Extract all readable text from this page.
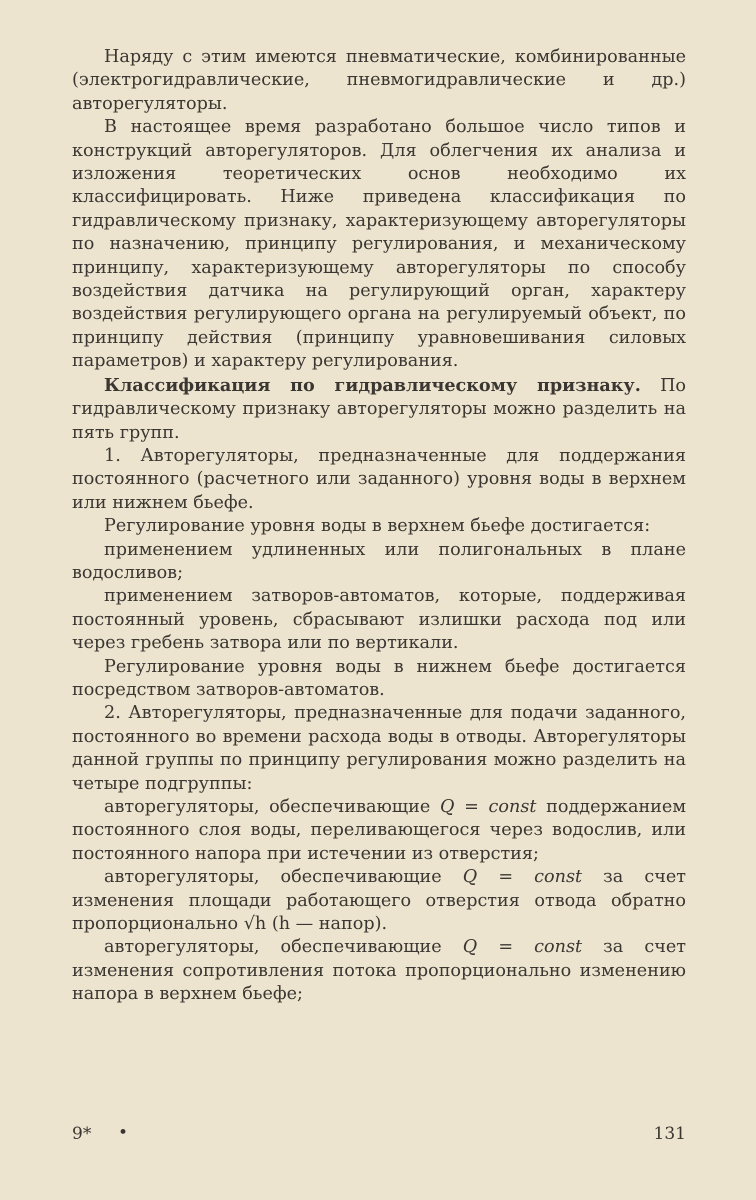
Наряду с этим имеются пневматические, комбинированные (электрогидравлические, пневмогидравлические и др.) авторегуляторы.

В настоящее время разработано большое число типов и конструкций авторегуляторов. Для облегчения их анализа и изложения теоретических основ необходимо их классифицировать. Ниже приведена классификация по гидравлическому признаку, характеризующему авторегуляторы по назначению, принципу регулирования, и механическому принципу, характеризующему авторегуляторы по способу воздействия датчика на регулирующий орган, характеру воздействия регулирующего органа на регулируемый объект, по принципу действия (принципу уравновешивания силовых параметров) и характеру регулирования.

Классификация по гидравлическому признаку. По гидравлическому признаку авторегуляторы можно разделить на пять групп.

1. Авторегуляторы, предназначенные для поддержания постоянного (расчетного или заданного) уровня воды в верхнем или нижнем бьефе.

Регулирование уровня воды в верхнем бьефе достигается:

применением удлиненных или полигональных в плане водосливов;

применением затворов-автоматов, которые, поддерживая постоянный уровень, сбрасывают излишки расхода под или через гребень затвора или по вертикали.

Регулирование уровня воды в нижнем бьефе достигается посредством затворов-автоматов.

2. Авторегуляторы, предназначенные для подачи заданного, постоянного во времени расхода воды в отводы. Авторегуляторы данной группы по принципу регулирования можно разделить на четыре подгруппы:

авторегуляторы, обеспечивающие Q = const поддержанием постоянного слоя воды, переливающегося через водослив, или постоянного напора при истечении из отверстия;

авторегуляторы, обеспечивающие Q = const за счет изменения площади работающего отверстия отвода обратно пропорционально √h (h — напор).

авторегуляторы, обеспечивающие Q = const за счет изменения сопротивления потока пропорционально изменению напора в верхнем бьефе;

9* •	131
